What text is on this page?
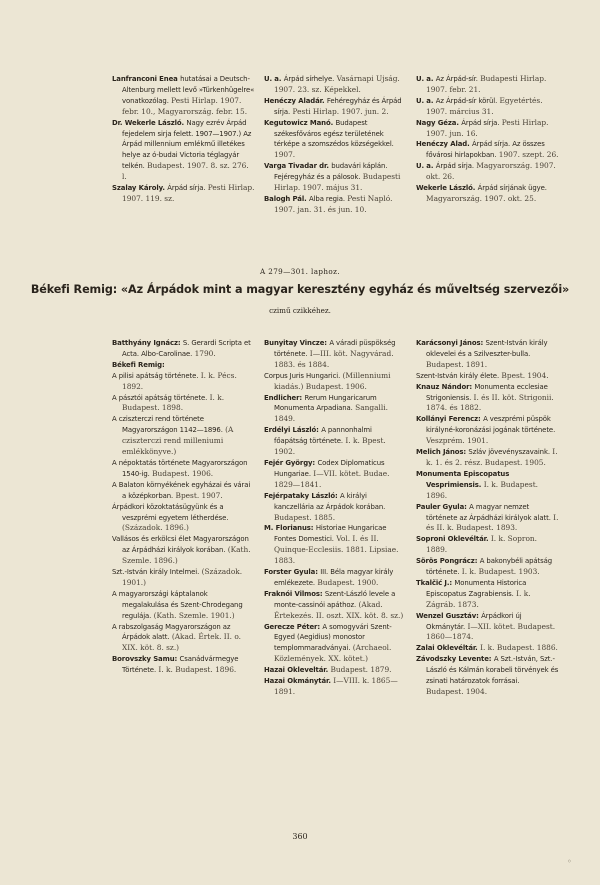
Lanfranconi Enea hutatásai a Deutsch-Altenburg mellett levő »Türkenhügelre« vonatkozólag. Pesti Hirlap. 1907. febr. 10., Magyarország. febr. 15.

Dr. Wekerle László. Nagy ezrév Árpád fejedelem sirja felett. 1907—1907.) Az Árpád millennium emlékmű illetékes helye az ó-budai Victoria téglagyár telkén. Budapest. 1907. 8. sz. 276. l.

Szalay Károly. Árpád sírja. Pesti Hirlap. 1907. 119. sz.

U. a. Árpád sírhelye. Vasárnapi Ujság. 1907. 23. sz. Képekkel.

Henéczy Aladár. Fehéregyház és Árpád sírja. Pesti Hirlap. 1907. jun. 2.

Kegutowicz Manó. Budapest székesfőváros egész területének térképe a szomszédos községekkel. 1907.

Varga Tivadar dr. budavári káplán. Fejéregyház és a pálosok. Budapesti Hirlap. 1907. május 31.

Balogh Pál. Alba regia. Pesti Napló. 1907. jan. 31. és jun. 10.

U. a. Az Árpád-sír. Budapesti Hirlap. 1907. febr. 21.

U. a. Az Árpád-sír körül. Egyetértés. 1907. március 31.

Nagy Géza. Árpád sírja. Pesti Hirlap. 1907. jun. 16.

Henéczy Alad. Árpád sírja. Az összes fővárosi hirlapokban. 1907. szept. 26.

U. a. Árpád sírja. Magyarország. 1907. okt. 26.

Wekerle László. Árpád sírjának ügye. Magyarország. 1907. okt. 25.

A 279—301. laphoz.
Békefi Remig: «Az Árpádok mint a magyar keresztény egyház és műveltség szervezői»
czimű czikkéhez.

Batthyány Ignácz: S. Gerardi Scripta et Acta. Albo-Carolinae. 1790.

Békefi Remig:

A pilisi apátság története. I. k. Pécs. 1892.

A pásztói apátság története. I. k. Budapest. 1898.

A cziszterczi rend története Magyarországon 1142—1896. (A cziszterczi rend milleniumi emlékkönyve.)

A népoktatás története Magyarországon 1540-ig. Budapest. 1906.

A Balaton környékének egyházai és várai a középkorban. Bpest. 1907.

Árpádkori közoktatásügyünk és a veszprémi egyetem létherdése. (Századok. 1896.)

Vallásos és erkölcsi élet Magyarországon az Árpádházi királyok korában. (Kath. Szemle. 1896.)

Szt.-István király Intelmei. (Századok. 1901.)

A magyarországi káptalanok megalakulása és Szent-Chrodegang regulája. (Kath. Szemle. 1901.)

A rabszolgaság Magyarországon az Árpádok alatt. (Akad. Értek. II. o. XIX. köt. 8. sz.)

Borovszky Samu: Csanádvármegye Története. I. k. Budapest. 1896.

Bunyitay Vincze: A váradi püspökség története. I—III. köt. Nagyvárad. 1883. és 1884.

Corpus Juris Hungarici. (Millenniumi kiadás.) Budapest. 1906.

Endlicher: Rerum Hungaricarum Monumenta Arpadiana. Sangalli. 1849.

Erdélyi László: A pannonhalmi főapátság története. I. k. Bpest. 1902.

Fejér György: Codex Diplomaticus Hungariae. I—VII. kötet. Budae. 1829—1841.

Fejérpataky László: A királyi kanczellária az Árpádok korában. Budapest. 1885.

M. Florianus: Historiae Hungaricae Fontes Domestici. Vol. I. és II. Quinque-Ecclesiis. 1881. Lipsiae. 1883.

Forster Gyula: III. Béla magyar király emlékezete. Budapest. 1900.

Fraknói Vilmos: Szent-László levele a monte-cassinói apáthoz. (Akad. Értekezés. II. oszt. XIX. köt. 8. sz.)

Gerecze Péter: A somogyvári Szent-Egyed (Aegidius) monostor templommaradványai. (Archaeol. Közlemények. XX. kötet.)

Hazai Okleveltár. Budapest. 1879.

Hazai Okmánytár. I—VIII. k. 1865—1891.

Karácsonyi János: Szent-István király oklevelei és a Szilveszter-bulla. Budapest. 1891.

Szent-István király élete. Bpest. 1904.

Knauz Nándor: Monumenta ecclesiae Strigoniensis. I. és II. köt. Strigonii. 1874. és 1882.

Kollányi Ferencz: A veszprémi püspök királyné-koronázási jogának története. Veszprém. 1901.

Melich János: Szláv jövevényszavaink. I. k. 1. és 2. rész. Budapest. 1905.

Monumenta Episcopatus Vesprimiensis. I. k. Budapest. 1896.

Pauler Gyula: A magyar nemzet története az Árpádházi királyok alatt. I. és II. k. Budapest. 1893.

Soproni Oklevéltár. I. k. Sopron. 1889.

Sörös Pongrácz: A bakonybéli apátság története. I. k. Budapest. 1903.

Tkalčić J.: Monumenta Historica Episcopatus Zagrabiensis. I. k. Zágráb. 1873.

Wenzel Gusztáv: Árpádkori új Okmánytár. I—XII. kötet. Budapest. 1860—1874.

Zalai Oklevéltár. I. k. Budapest. 1886.

Závodszky Levente: A Szt.-István, Szt.-László és Kálmán korabeli törvények és zsinati határozatok forrásai. Budapest. 1904.

360
◦
